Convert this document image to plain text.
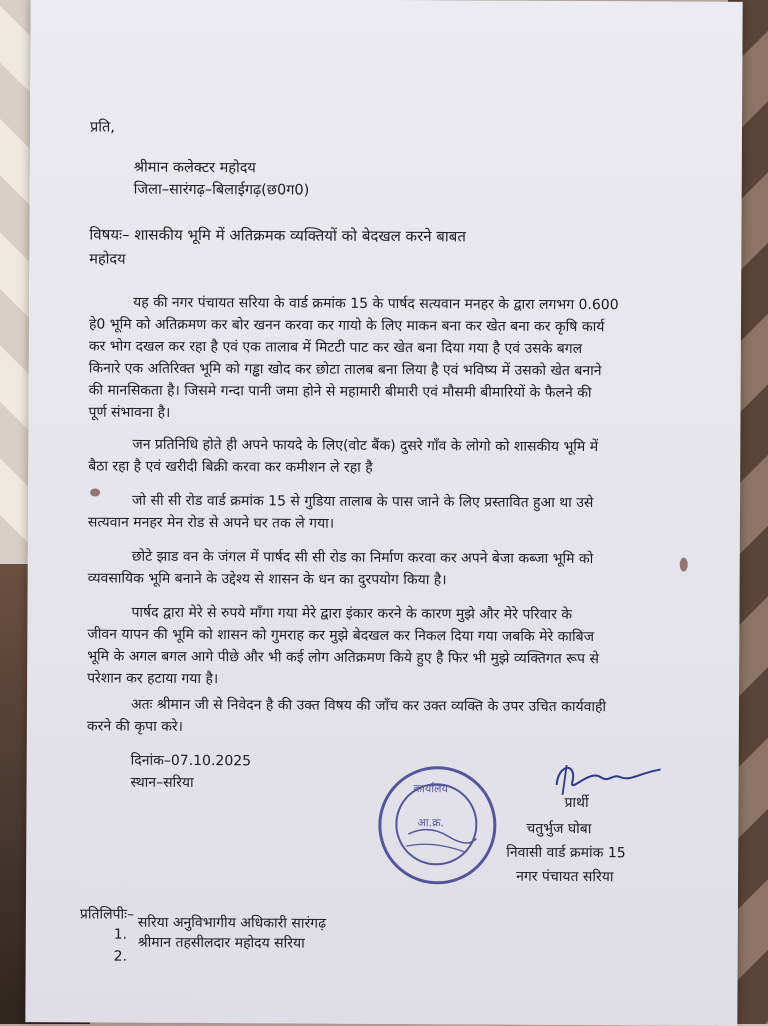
प्रति,
श्रीमान कलेक्टर महोदय
जिला–सारंगढ़–बिलाईगढ़(छ0ग0)
विषयः– शासकीय भूमि में अतिक्रमक व्यक्तियों को बेदखल करने बाबत
महोदय
यह की नगर पंचायत सरिया के वार्ड क्रमांक 15 के पार्षद सत्यवान मनहर के द्वारा लगभग 0.600
हे0 भूमि को अतिक्रमण कर बोर खनन करवा कर गायो के लिए माकन बना कर खेत बना कर कृषि कार्य
कर भोग दखल कर रहा है एवं एक तालाब में मिटटी पाट कर खेत बना दिया गया है एवं उसके बगल
किनारे एक अतिरिक्त भूमि को गड्ढा खोद कर छोटा तालब बना लिया है एवं भविष्य में उसको खेत बनाने
की मानसिकता है। जिसमे गन्दा पानी जमा होने से महामारी बीमारी एवं मौसमी बीमारियों के फैलने की
पूर्ण संभावना है।
जन प्रतिनिधि होते ही अपने फायदे के लिए(वोट बैंक) दुसरे गाँव के लोगो को शासकीय भूमि में
बैठा रहा है एवं खरीदी बिक्री करवा कर कमीशन ले रहा है
जो सी सी रोड वार्ड क्रमांक 15 से गुडिया तालाब के पास जाने के लिए प्रस्तावित हुआ था उसे
सत्यवान मनहर मेन रोड से अपने घर तक ले गया।
छोटे झाड वन के जंगल में पार्षद सी सी रोड का निर्माण करवा कर अपने बेजा कब्जा भूमि को
व्यवसायिक भूमि बनाने के उद्देश्य से शासन के धन का दुरपयोग किया है।
पार्षद द्वारा मेरे से रुपये माँगा गया मेरे द्वारा इंकार करने के कारण मुझे और मेरे परिवार के
जीवन यापन की भूमि को शासन को गुमराह कर मुझे बेदखल कर निकल दिया गया जबकि मेरे काबिज
भूमि के अगल बगल आगे पीछे और भी कई लोग अतिक्रमण किये हुए है फिर भी मुझे व्यक्तिगत रूप से
परेशान कर हटाया गया है।
अतः श्रीमान जी से निवेदन है की उक्त विषय की जाँच कर उक्त व्यक्ति के उपर उचित कार्यवाही
करने की कृपा करे।
दिनांक–07.10.2025
स्थान–सरिया	कार्यालय
आ.क्र.
प्रार्थी
चतुर्भुज घोबा
निवासी वार्ड क्रमांक 15
नगर पंचायत सरिया
प्रतिलिपीः–
1.
सरिया अनुविभागीय अधिकारी सारंगढ़
2.
श्रीमान तहसीलदार महोदय सरिया
